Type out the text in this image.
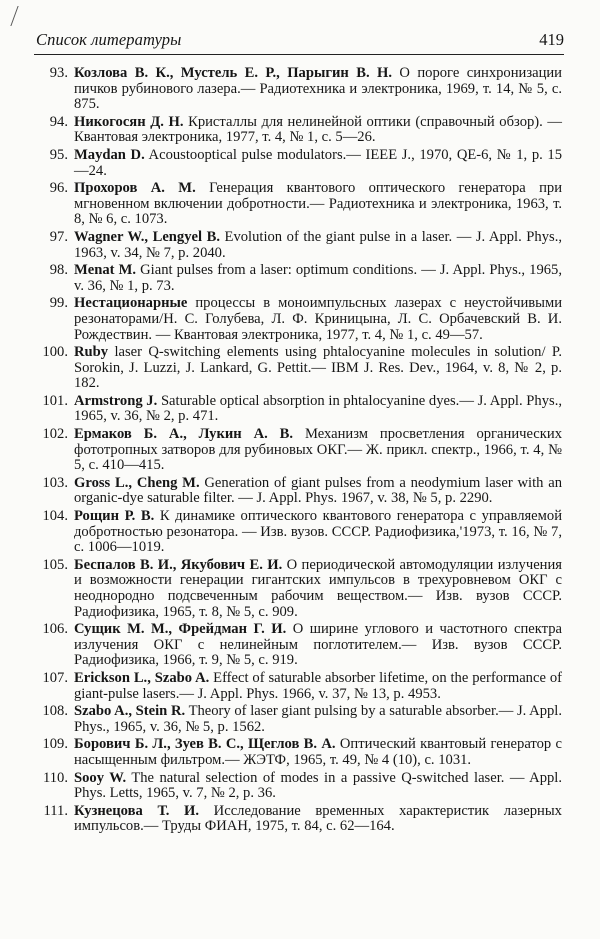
Список литературы	419
93. Козлова В. К., Мустель Е. Р., Парыгин В. Н. О пороге синхронизации пичков рубинового лазера.— Радиотехника и электроника, 1969, т. 14, № 5, с. 875.
94. Никогосян Д. Н. Кристаллы для нелинейной оптики (справочный обзор). — Квантовая электроника, 1977, т. 4, № 1, с. 5—26.
95. Maydan D. Acoustooptical pulse modulators.— IEEE J., 1970, QE-6, № 1, p. 15—24.
96. Прохоров А. М. Генерация квантового оптического генератора при мгновенном включении добротности.— Радиотехника и электроника, 1963, т. 8, № 6, с. 1073.
97. Wagner W., Lengyel B. Evolution of the giant pulse in a laser. — J. Appl. Phys., 1963, v. 34, № 7, p. 2040.
98. Menat M. Giant pulses from a laser: optimum conditions. — J. Appl. Phys., 1965, v. 36, № 1, p. 73.
99. Нестационарные процессы в моноимпульсных лазерах с неустойчивыми резонаторами/Н. С. Голубева, Л. Ф. Криницына, Л. С. Орбачевский В. И. Рождествин. — Квантовая электроника, 1977, т. 4, № 1, с. 49—57.
100. Ruby laser Q-switching elements using phtalocyanine molecules in solution/ P. Sorokin, J. Luzzi, J. Lankard, G. Pettit.— IBM J. Res. Dev., 1964, v. 8, № 2, p. 182.
101. Armstrong J. Saturable optical absorption in phtalocyanine dyes.— J. Appl. Phys., 1965, v. 36, № 2, p. 471.
102. Ермаков Б. А., Лукин А. В. Механизм просветления органических фототропных затворов для рубиновых ОКГ.— Ж. прикл. спектр., 1966, т. 4, № 5, с. 410—415.
103. Gross L., Cheng M. Generation of giant pulses from a neodymium laser with an organic-dye saturable filter. — J. Appl. Phys. 1967, v. 38, № 5, p. 2290.
104. Рощин Р. В. К динамике оптического квантового генератора с управляемой добротностью резонатора. — Изв. вузов. СССР. Радиофизика,'1973, т. 16, № 7, с. 1006—1019.
105. Беспалов В. И., Якубович Е. И. О периодической автомодуляции излучения и возможности генерации гигантских импульсов в трехуровневом ОКГ с неоднородно подсвеченным рабочим веществом.— Изв. вузов СССР. Радиофизика, 1965, т. 8, № 5, с. 909.
106. Сущик М. М., Фрейдман Г. И. О ширине углового и частотного спектра излучения ОКГ с нелинейным поглотителем.— Изв. вузов СССР. Радиофизика, 1966, т. 9, № 5, с. 919.
107. Erickson L., Szabo A. Effect of saturable absorber lifetime, on the performance of giant-pulse lasers.— J. Appl. Phys. 1966, v. 37, № 13, p. 4953.
108. Szabo A., Stein R. Theory of laser giant pulsing by a saturable absorber.— J. Appl. Phys., 1965, v. 36, № 5, p. 1562.
109. Борович Б. Л., Зуев В. С., Щеглов В. А. Оптический квантовый генератор с насыщенным фильтром.— ЖЭТФ, 1965, т. 49, № 4 (10), с. 1031.
110. Sooy W. The natural selection of modes in a passive Q-switched laser. — Appl. Phys. Letts, 1965, v. 7, № 2, p. 36.
111. Кузнецова Т. И. Исследование временных характеристик лазерных импульсов.— Труды ФИАН, 1975, т. 84, с. 62—164.
